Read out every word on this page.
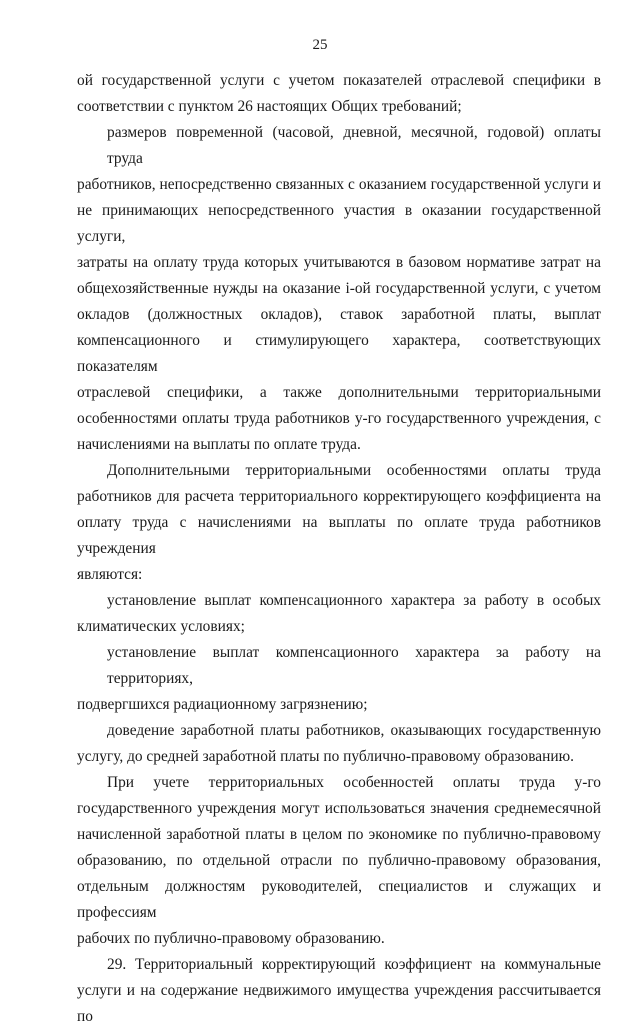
25
ой государственной услуги с учетом показателей отраслевой специфики в
соответствии с пунктом 26 настоящих Общих требований;
размеров повременной (часовой, дневной, месячной, годовой) оплаты труда
работников, непосредственно связанных с оказанием государственной услуги и
не принимающих непосредственного участия в оказании государственной услуги,
затраты на оплату труда которых учитываются в базовом нормативе затрат на
общехозяйственные нужды на оказание i-ой государственной услуги, с учетом
окладов (должностных окладов), ставок заработной платы, выплат
компенсационного и стимулирующего характера, соответствующих показателям
отраслевой специфики, а также дополнительными территориальными
особенностями оплаты труда работников y-го государственного учреждения, с
начислениями на выплаты по оплате труда.
Дополнительными территориальными особенностями оплаты труда
работников для расчета территориального корректирующего коэффициента на
оплату труда с начислениями на выплаты по оплате труда работников учреждения
являются:
установление выплат компенсационного характера за работу в особых
климатических условиях;
установление выплат компенсационного характера за работу на территориях,
подвергшихся радиационному загрязнению;
доведение заработной платы работников, оказывающих государственную
услугу, до средней заработной платы по публично-правовому образованию.
При учете территориальных особенностей оплаты труда y-го
государственного учреждения могут использоваться значения среднемесячной
начисленной заработной платы в целом по экономике по публично-правовому
образованию, по отдельной отрасли по публично-правовому образования,
отдельным должностям руководителей, специалистов и служащих и профессиям
рабочих по публично-правовому образованию.
29. Территориальный корректирующий коэффициент на коммунальные
услуги и на содержание недвижимого имущества учреждения рассчитывается по
